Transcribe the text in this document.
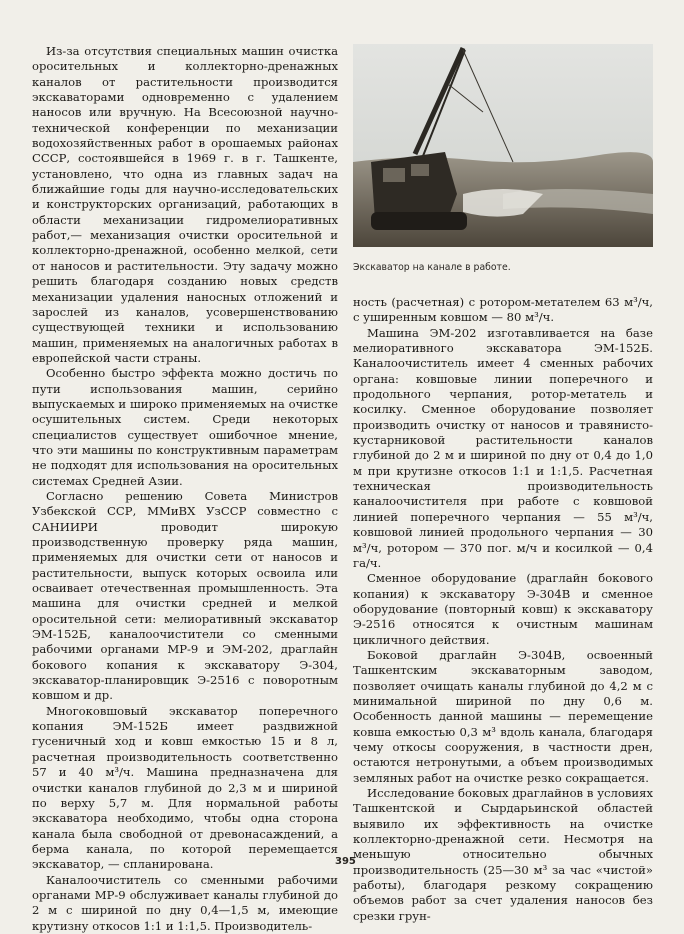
Из-за отсутствия специальных машин очистка оросительных и коллекторно-дренажных каналов от растительности производится экскаваторами одновременно с удалением наносов или вручную. На Всесоюзной научно-технической конференции по механизации водохозяйственных работ в орошаемых районах СССР, состоявшейся в 1969 г. в г. Ташкенте, установлено, что одна из главных задач на ближайшие годы для научно-исследовательских и конструкторских организаций, работающих в области механизации гидромелиоративных работ,— механизация очистки оросительной и коллекторно-дренажной, особенно мелкой, сети от наносов и растительности. Эту задачу можно решить благодаря созданию новых средств механизации удаления наносных отложений и зарослей из каналов, усовершенствованию существующей техники и использованию машин, применяемых на аналогичных работах в европейской части страны.

Особенно быстро эффекта можно достичь по пути использования машин, серийно выпускаемых и широко применяемых на очистке осушительных систем. Среди некоторых специалистов существует ошибочное мнение, что эти машины по конструктивным параметрам не подходят для использования на оросительных системах Средней Азии.

Согласно решению Совета Министров Узбекской ССР, ММиВХ УзССР совместно с САНИИРИ проводит широкую производственную проверку ряда машин, применяемых для очистки сети от наносов и растительности, выпуск которых освоила или осваивает отечественная промышленность. Эта машина для очистки средней и мелкой оросительной сети: мелиоративный экскаватор ЭМ-152Б, каналоочистители со сменными рабочими органами МР-9 и ЭМ-202, драглайн бокового копания к экскаватору Э-304, экскаватор-планировщик Э-2516 с поворотным ковшом и др.

Многоковшовый экскаватор поперечного копания ЭМ-152Б имеет раздвижной гусеничный ход и ковш емкостью 15 и 8 л, расчетная производительность соответственно 57 и 40 м³/ч. Машина предназначена для очистки каналов глубиной до 2,3 м и шириной по верху 5,7 м. Для нормальной работы экскаватора необходимо, чтобы одна сторона канала была свободной от древонасаждений, а берма канала, по которой перемещается экскаватор, — спланирована.

Каналоочиститель со сменными рабочими органами МР-9 обслуживает каналы глубиной до 2 м с шириной по дну 0,4—1,5 м, имеющие крутизну откосов 1:1 и 1:1,5. Производитель-

Экскаватор на канале в работе.

ность (расчетная) с ротором-метателем 63 м³/ч, с уширенным ковшом — 80 м³/ч.

Машина ЭМ-202 изготавливается на базе мелиоративного экскаватора ЭМ-152Б. Каналоочиститель имеет 4 сменных рабочих органа: ковшовые линии поперечного и продольного черпания, ротор-метатель и косилку. Сменное оборудование позволяет производить очистку от наносов и травянисто-кустарниковой растительности каналов глубиной до 2 м и шириной по дну от 0,4 до 1,0 м при крутизне откосов 1:1 и 1:1,5. Расчетная техническая производительность каналоочистителя при работе с ковшовой линией поперечного черпания — 55 м³/ч, ковшовой линией продольного черпания — 30 м³/ч, ротором — 370 пог. м/ч и косилкой — 0,4 га/ч.

Сменное оборудование (драглайн бокового копания) к экскаватору Э-304В и сменное оборудование (повторный ковш) к экскаватору Э-2516 относятся к очистным машинам цикличного действия.

Боковой драглайн Э-304В, освоенный Ташкентским экскаваторным заводом, позволяет очищать каналы глубиной до 4,2 м с минимальной шириной по дну 0,6 м. Особенность данной машины — перемещение ковша емкостью 0,3 м³ вдоль канала, благодаря чему откосы сооружения, в частности дрен, остаются нетронутыми, а объем производимых земляных работ на очистке резко сокращается.

Исследование боковых драглайнов в условиях Ташкентской и Сырдарьинской областей выявило их эффективность на очистке коллекторно-дренажной сети. Несмотря на меньшую относительно обычных производительность (25—30 м³ за час «чистой» работы), благодаря резкому сокращению объемов работ за счет удаления наносов без срезки грун-

395
